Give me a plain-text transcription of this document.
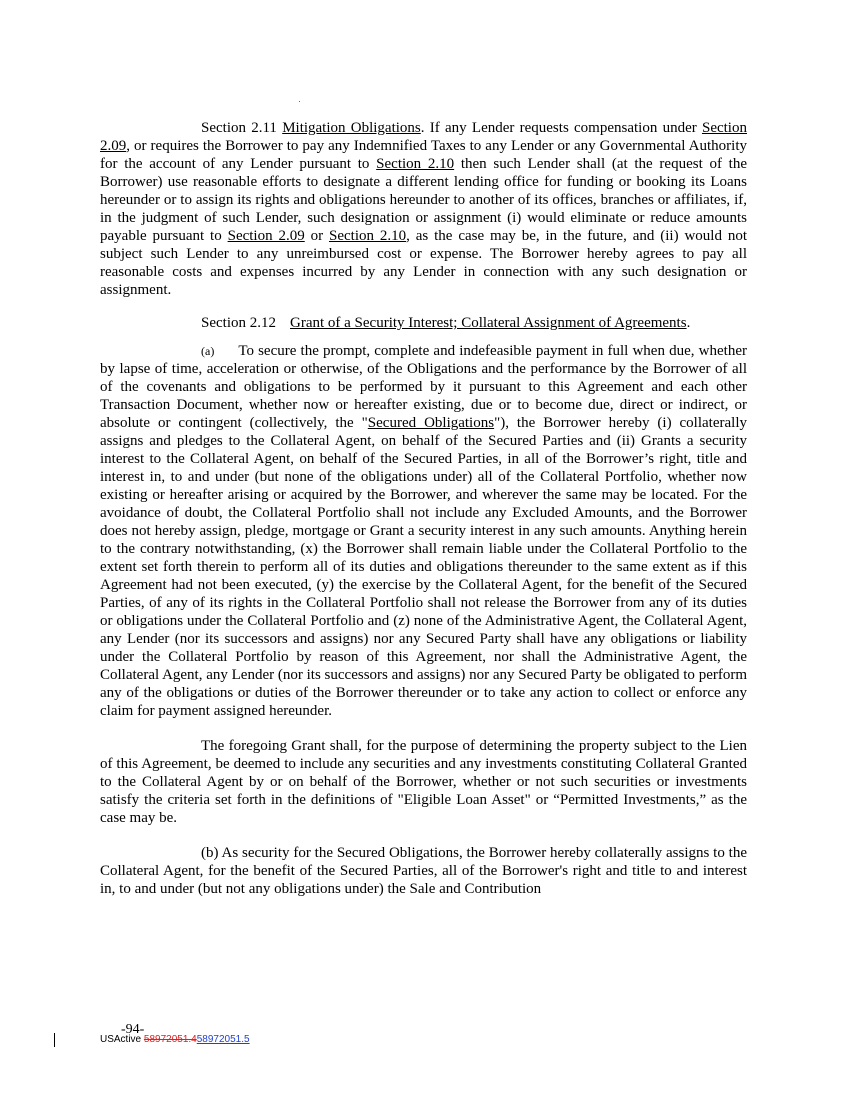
Section 2.11 Mitigation Obligations. If any Lender requests compensation under Section 2.09, or requires the Borrower to pay any Indemnified Taxes to any Lender or any Governmental Authority for the account of any Lender pursuant to Section 2.10 then such Lender shall (at the request of the Borrower) use reasonable efforts to designate a different lending office for funding or booking its Loans hereunder or to assign its rights and obligations hereunder to another of its offices, branches or affiliates, if, in the judgment of such Lender, such designation or assignment (i) would eliminate or reduce amounts payable pursuant to Section 2.09 or Section 2.10, as the case may be, in the future, and (ii) would not subject such Lender to any unreimbursed cost or expense. The Borrower hereby agrees to pay all reasonable costs and expenses incurred by any Lender in connection with any such designation or assignment.

Section 2.12 Grant of a Security Interest; Collateral Assignment of Agreements.

(a) To secure the prompt, complete and indefeasible payment in full when due, whether by lapse of time, acceleration or otherwise, of the Obligations and the performance by the Borrower of all of the covenants and obligations to be performed by it pursuant to this Agreement and each other Transaction Document, whether now or hereafter existing, due or to become due, direct or indirect, or absolute or contingent (collectively, the "Secured Obligations"), the Borrower hereby (i) collaterally assigns and pledges to the Collateral Agent, on behalf of the Secured Parties and (ii) Grants a security interest to the Collateral Agent, on behalf of the Secured Parties, in all of the Borrower’s right, title and interest in, to and under (but none of the obligations under) all of the Collateral Portfolio, whether now existing or hereafter arising or acquired by the Borrower, and wherever the same may be located. For the avoidance of doubt, the Collateral Portfolio shall not include any Excluded Amounts, and the Borrower does not hereby assign, pledge, mortgage or Grant a security interest in any such amounts. Anything herein to the contrary notwithstanding, (x) the Borrower shall remain liable under the Collateral Portfolio to the extent set forth therein to perform all of its duties and obligations thereunder to the same extent as if this Agreement had not been executed, (y) the exercise by the Collateral Agent, for the benefit of the Secured Parties, of any of its rights in the Collateral Portfolio shall not release the Borrower from any of its duties or obligations under the Collateral Portfolio and (z) none of the Administrative Agent, the Collateral Agent, any Lender (nor its successors and assigns) nor any Secured Party shall have any obligations or liability under the Collateral Portfolio by reason of this Agreement, nor shall the Administrative Agent, the Collateral Agent, any Lender (nor its successors and assigns) nor any Secured Party be obligated to perform any of the obligations or duties of the Borrower thereunder or to take any action to collect or enforce any claim for payment assigned hereunder.

The foregoing Grant shall, for the purpose of determining the property subject to the Lien of this Agreement, be deemed to include any securities and any investments constituting Collateral Granted to the Collateral Agent by or on behalf of the Borrower, whether or not such securities or investments satisfy the criteria set forth in the definitions of "Eligible Loan Asset" or “Permitted Investments,” as the case may be.

(b) As security for the Secured Obligations, the Borrower hereby collaterally assigns to the Collateral Agent, for the benefit of the Secured Parties, all of the Borrower's right and title to and interest in, to and under (but not any obligations under) the Sale and Contribution

-94-
USActive 58972051.458972051.5
